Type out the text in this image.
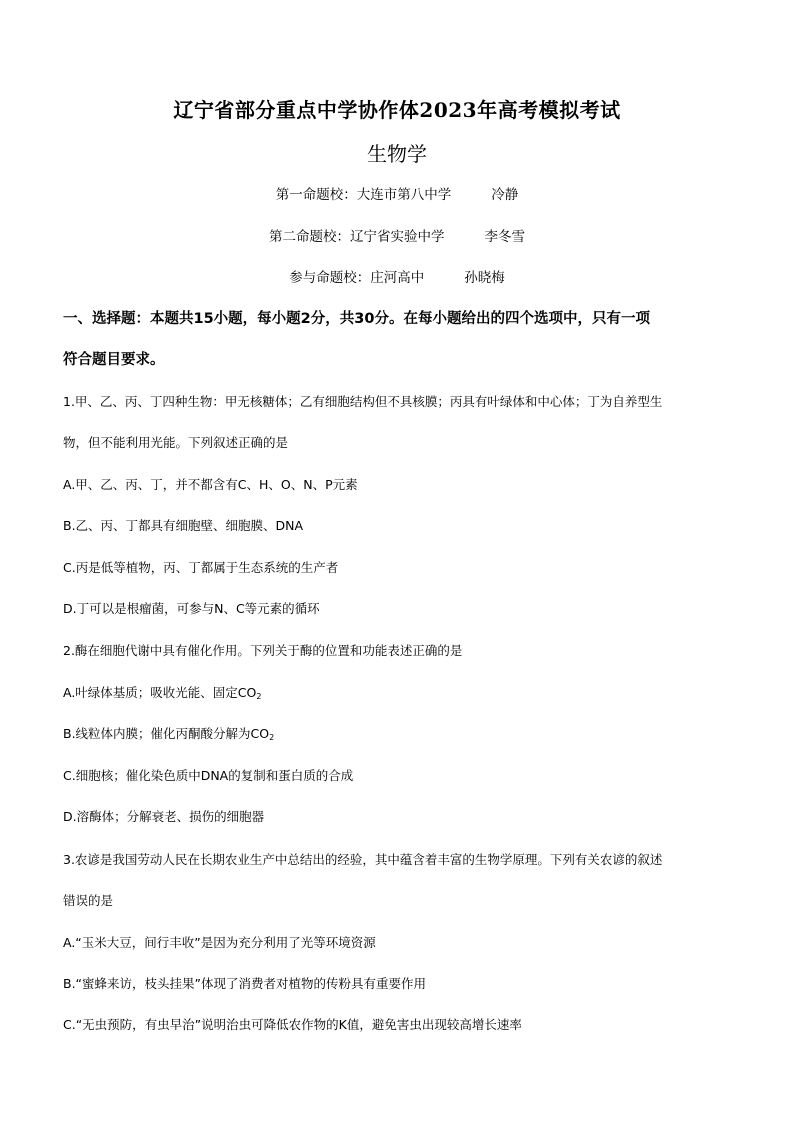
辽宁省部分重点中学协作体2023年高考模拟考试
生物学
第一命题校：大连市第八中学	冷静
第二命题校：辽宁省实验中学	李冬雪
参与命题校：庄河高中	孙晓梅
一、选择题：本题共15小题，每小题2分，共30分。在每小题给出的四个选项中，只有一项
符合题目要求。
1.甲、乙、丙、丁四种生物：甲无核糖体；乙有细胞结构但不具核膜；丙具有叶绿体和中心体；丁为自养型生
物，但不能利用光能。下列叙述正确的是
A.甲、乙、丙、丁，并不都含有C、H、O、N、P元素
B.乙、丙、丁都具有细胞壁、细胞膜、DNA
C.丙是低等植物，丙、丁都属于生态系统的生产者
D.丁可以是根瘤菌，可参与N、C等元素的循环
2.酶在细胞代谢中具有催化作用。下列关于酶的位置和功能表述正确的是
A.叶绿体基质；吸收光能、固定$CO_2$
B.线粒体内膜；催化丙酮酸分解为$CO_2$
C.细胞核；催化染色质中DNA的复制和蛋白质的合成
D.溶酶体；分解衰老、损伤的细胞器
3.农谚是我国劳动人民在长期农业生产中总结出的经验，其中蕴含着丰富的生物学原理。下列有关农谚的叙述
错误的是
A.“玉米大豆，间行丰收”是因为充分利用了光等环境资源
B.“蜜蜂来访，枝头挂果”体现了消费者对植物的传粉具有重要作用
C.“无虫预防，有虫早治”说明治虫可降低农作物的K值，避免害虫出现较高增长速率
